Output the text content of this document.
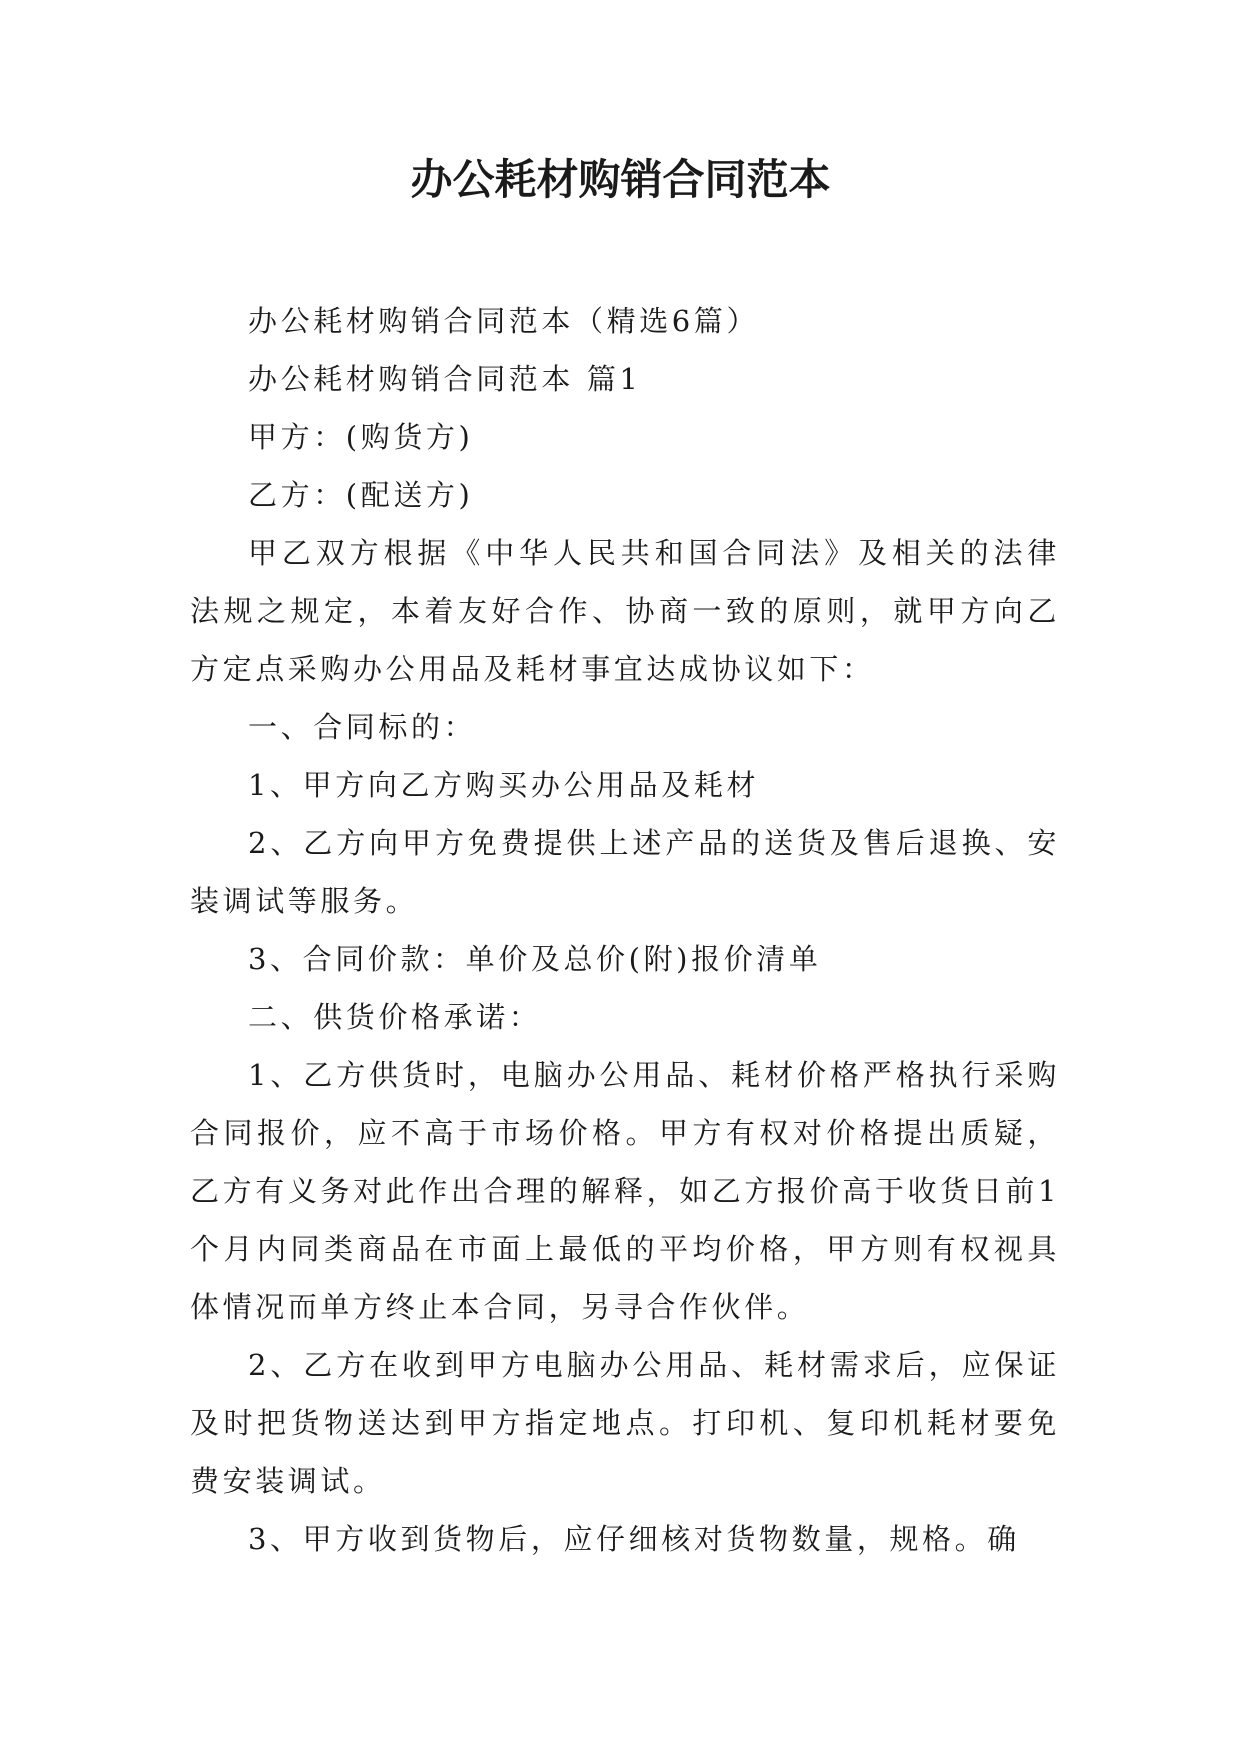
办公耗材购销合同范本

办公耗材购销合同范本（精选6篇）

办公耗材购销合同范本 篇1

甲方：(购货方)

乙方：(配送方)

甲乙双方根据《中华人民共和国合同法》及相关的法律法规之规定，本着友好合作、协商一致的原则，就甲方向乙方定点采购办公用品及耗材事宜达成协议如下：

一、合同标的：

1、甲方向乙方购买办公用品及耗材

2、乙方向甲方免费提供上述产品的送货及售后退换、安装调试等服务。

3、合同价款：单价及总价(附)报价清单

二、供货价格承诺：

1、乙方供货时，电脑办公用品、耗材价格严格执行采购合同报价，应不高于市场价格。甲方有权对价格提出质疑，乙方有义务对此作出合理的解释，如乙方报价高于收货日前1个月内同类商品在市面上最低的平均价格，甲方则有权视具体情况而单方终止本合同，另寻合作伙伴。

2、乙方在收到甲方电脑办公用品、耗材需求后，应保证及时把货物送达到甲方指定地点。打印机、复印机耗材要免费安装调试。

3、甲方收到货物后，应仔细核对货物数量，规格。确
